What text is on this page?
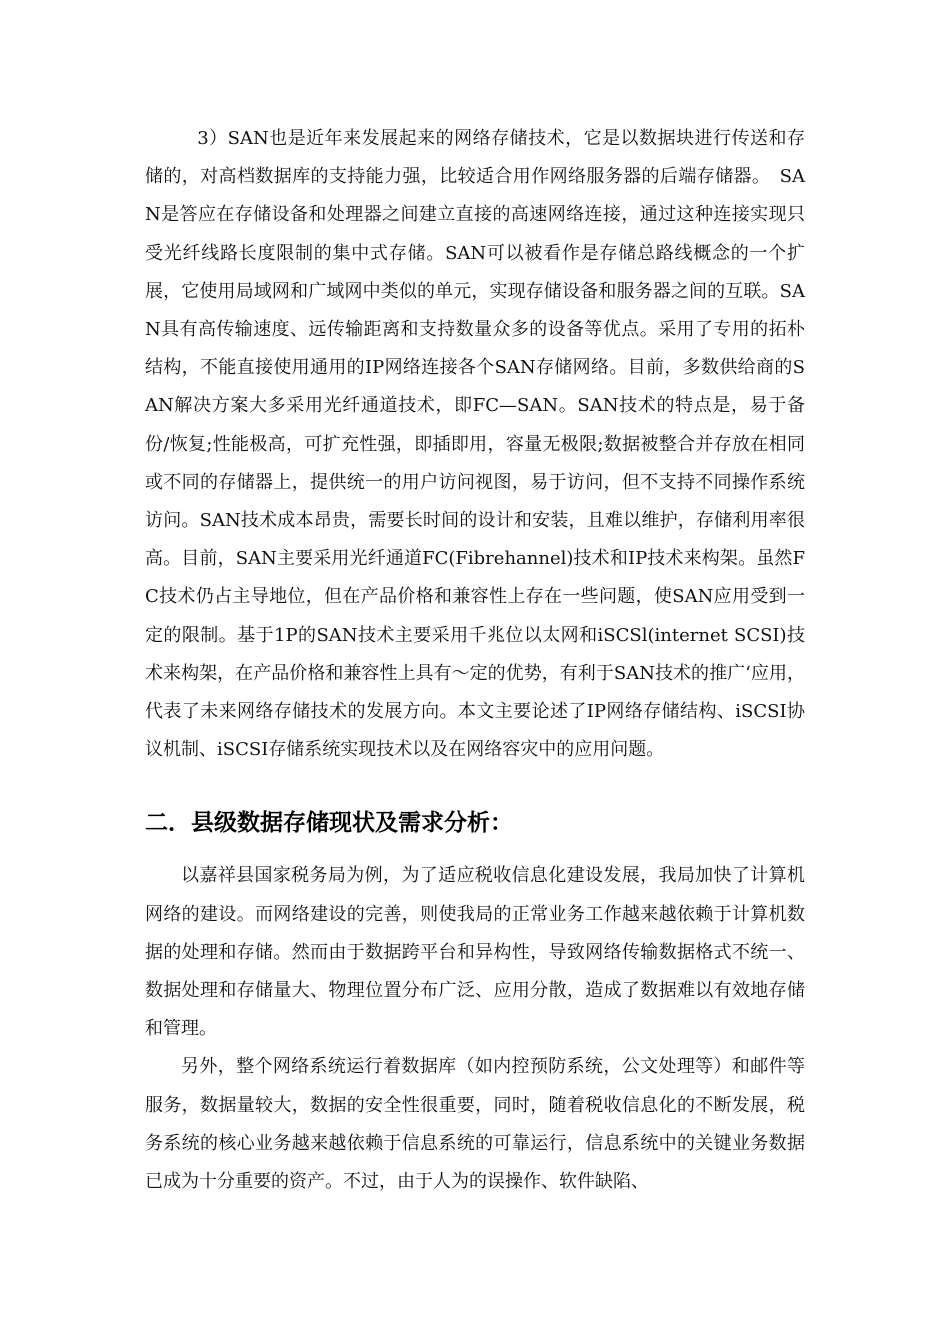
3）SAN也是近年来发展起来的网络存储技术，它是以数据块进行传送和存储的，对高档数据库的支持能力强，比较适合用作网络服务器的后端存储器。　SAN是答应在存储设备和处理器之间建立直接的高速网络连接，通过这种连接实现只受光纤线路长度限制的集中式存储。SAN可以被看作是存储总路线概念的一个扩展，它使用局域网和广域网中类似的单元，实现存储设备和服务器之间的互联。SAN具有高传输速度、远传输距离和支持数量众多的设备等优点。采用了专用的拓朴结构，不能直接使用通用的IP网络连接各个SAN存储网络。目前，多数供给商的SAN解决方案大多采用光纤通道技术，即FC—SAN。SAN技术的特点是，易于备份/恢复;性能极高，可扩充性强，即插即用，容量无极限;数据被整合并存放在相同或不同的存储器上，提供统一的用户访问视图，易于访问，但不支持不同操作系统访问。SAN技术成本昂贵，需要长时间的设计和安装，且难以维护，存储利用率很高。目前，SAN主要采用光纤通道FC(Fibrehannel)技术和IP技术来构架。虽然FC技术仍占主导地位，但在产品价格和兼容性上存在一些问题，使SAN应用受到一定的限制。基于1P的SAN技术主要采用千兆位以太网和iSCSl(internet SCSI)技术来构架，在产品价格和兼容性上具有～定的优势，有利于SAN技术的推广‘应用，代表了未来网络存储技术的发展方向。本文主要论述了IP网络存储结构、iSCSI协议机制、iSCSI存储系统实现技术以及在网络容灾中的应用问题。

二．县级数据存储现状及需求分析：

以嘉祥县国家税务局为例，为了适应税收信息化建设发展，我局加快了计算机网络的建设。而网络建设的完善，则使我局的正常业务工作越来越依赖于计算机数据的处理和存储。然而由于数据跨平台和异构性，导致网络传输数据格式不统一、数据处理和存储量大、物理位置分布广泛、应用分散，造成了数据难以有效地存储和管理。

另外，整个网络系统运行着数据库（如内控预防系统，公文处理等）和邮件等服务，数据量较大，数据的安全性很重要，同时，随着税收信息化的不断发展，税务系统的核心业务越来越依赖于信息系统的可靠运行，信息系统中的关键业务数据已成为十分重要的资产。不过，由于人为的误操作、软件缺陷、
